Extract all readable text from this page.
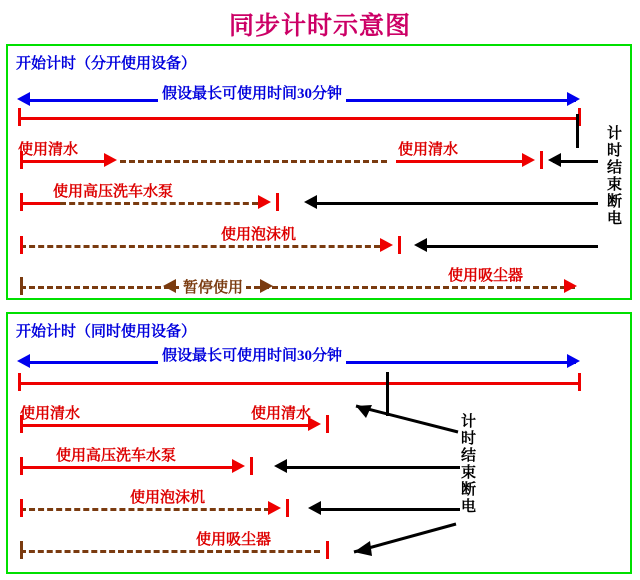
同步计时示意图
开始计时（分开使用设备）
假设最长可使用时间30分钟
使用清水	使用清水
使用高压洗车水泵
使用泡沫机
使用吸尘器
暂停使用
计时结束断电
开始计时（同时使用设备）
假设最长可使用时间30分钟
使用清水	使用清水
使用高压洗车水泵
使用泡沫机
使用吸尘器
计时结束断电
